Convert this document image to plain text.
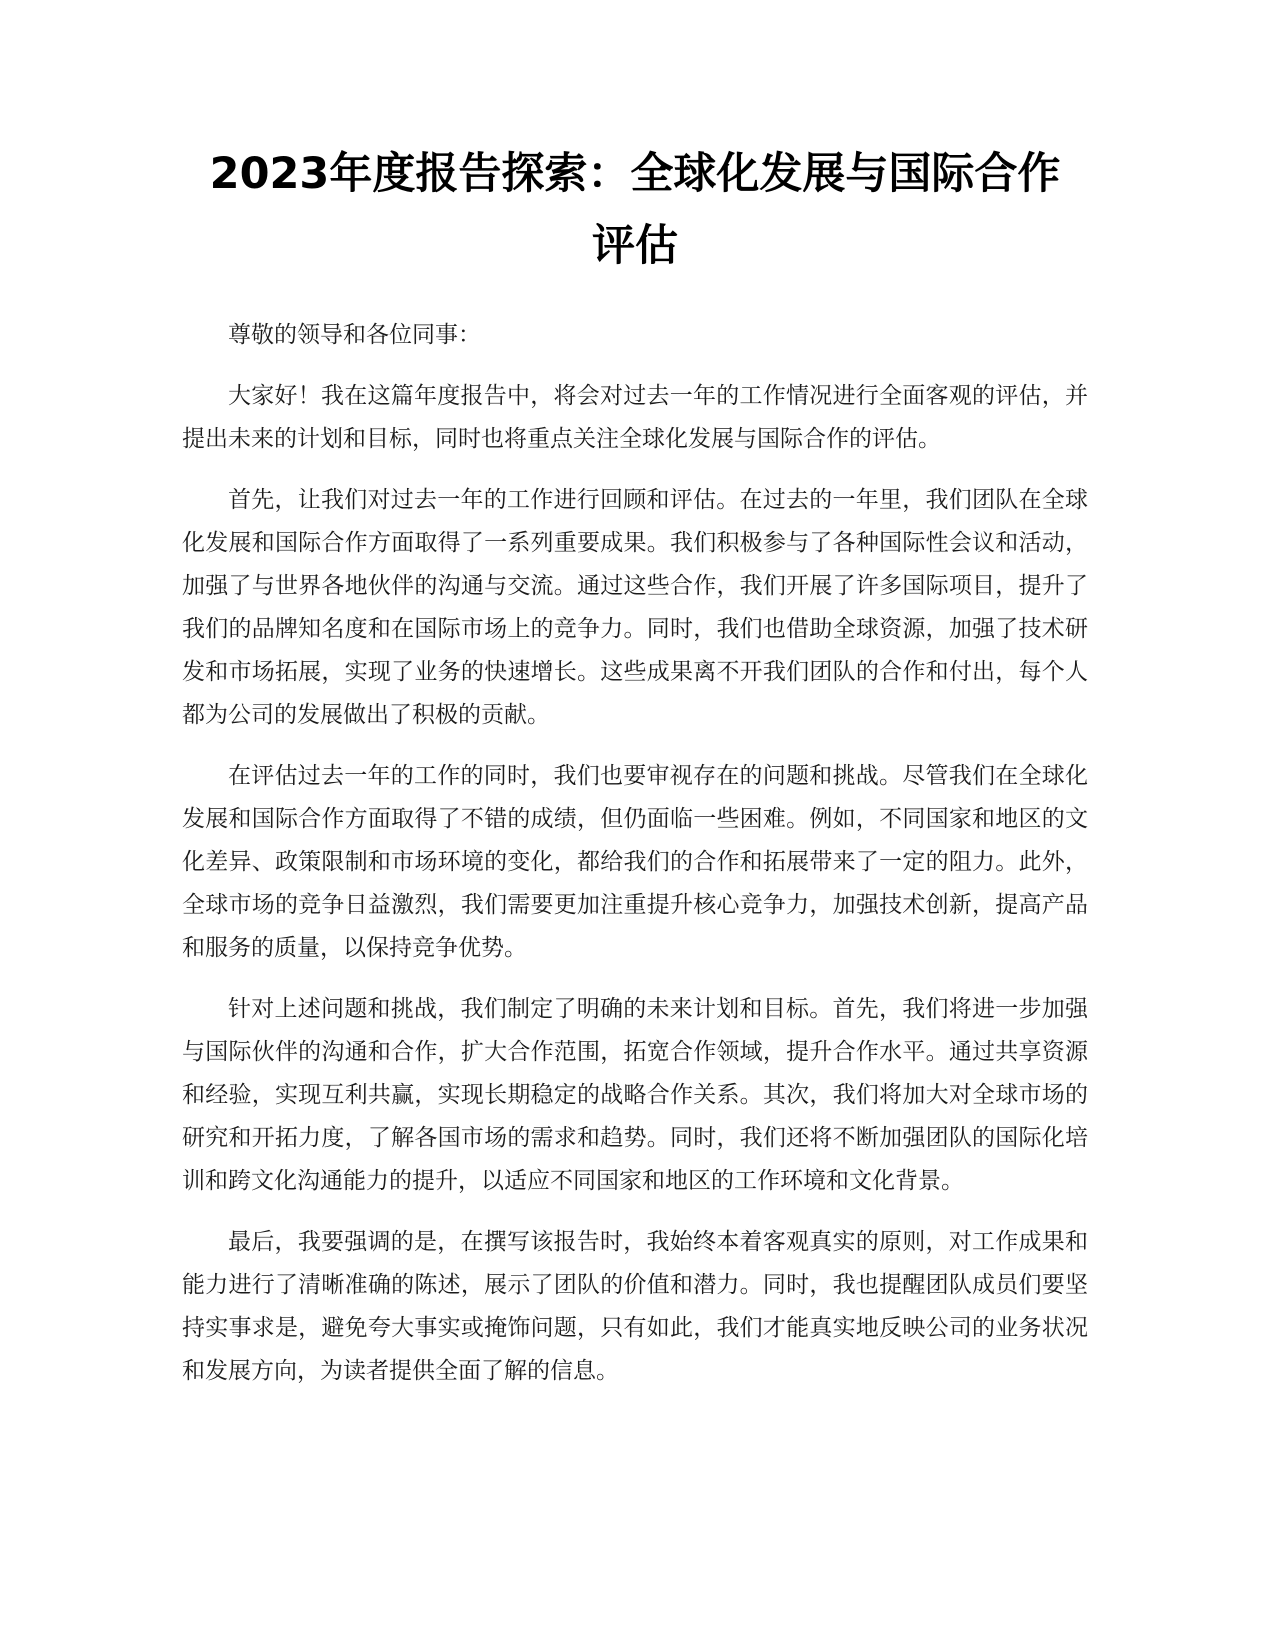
2023年度报告探索：全球化发展与国际合作
评估

尊敬的领导和各位同事：

大家好！我在这篇年度报告中，将会对过去一年的工作情况进行全面客观的评估，并提出未来的计划和目标，同时也将重点关注全球化发展与国际合作的评估。

首先，让我们对过去一年的工作进行回顾和评估。在过去的一年里，我们团队在全球化发展和国际合作方面取得了一系列重要成果。我们积极参与了各种国际性会议和活动，加强了与世界各地伙伴的沟通与交流。通过这些合作，我们开展了许多国际项目，提升了我们的品牌知名度和在国际市场上的竞争力。同时，我们也借助全球资源，加强了技术研发和市场拓展，实现了业务的快速增长。这些成果离不开我们团队的合作和付出，每个人都为公司的发展做出了积极的贡献。

在评估过去一年的工作的同时，我们也要审视存在的问题和挑战。尽管我们在全球化发展和国际合作方面取得了不错的成绩，但仍面临一些困难。例如，不同国家和地区的文化差异、政策限制和市场环境的变化，都给我们的合作和拓展带来了一定的阻力。此外，全球市场的竞争日益激烈，我们需要更加注重提升核心竞争力，加强技术创新，提高产品和服务的质量，以保持竞争优势。

针对上述问题和挑战，我们制定了明确的未来计划和目标。首先，我们将进一步加强与国际伙伴的沟通和合作，扩大合作范围，拓宽合作领域，提升合作水平。通过共享资源和经验，实现互利共赢，实现长期稳定的战略合作关系。其次，我们将加大对全球市场的研究和开拓力度，了解各国市场的需求和趋势。同时，我们还将不断加强团队的国际化培训和跨文化沟通能力的提升，以适应不同国家和地区的工作环境和文化背景。

最后，我要强调的是，在撰写该报告时，我始终本着客观真实的原则，对工作成果和能力进行了清晰准确的陈述，展示了团队的价值和潜力。同时，我也提醒团队成员们要坚持实事求是，避免夸大事实或掩饰问题，只有如此，我们才能真实地反映公司的业务状况和发展方向，为读者提供全面了解的信息。
